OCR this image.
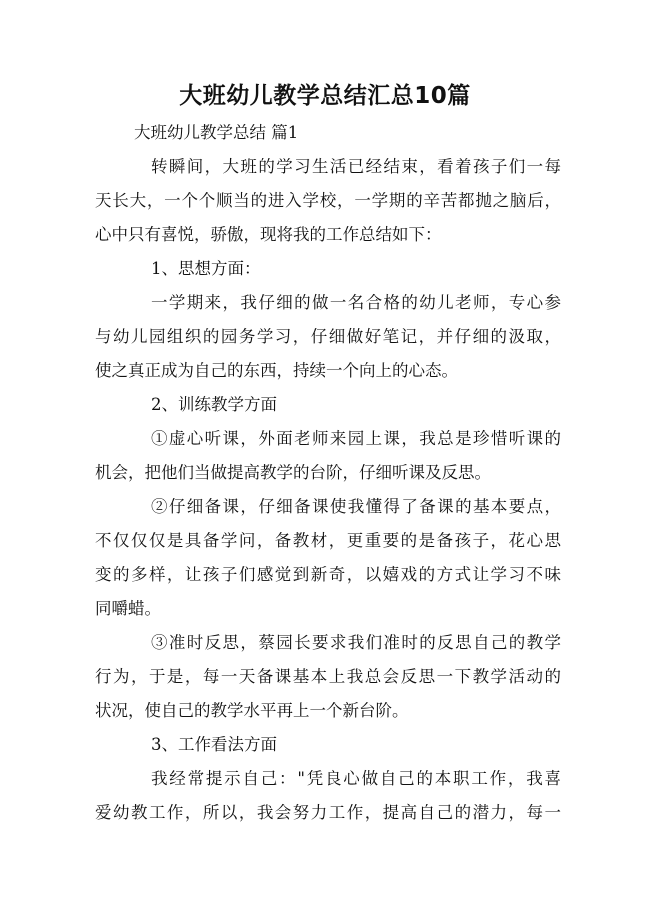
大班幼儿教学总结汇总10篇
大班幼儿教学总结 篇1
转瞬间，大班的学习生活已经结束，看着孩子们一每
天长大，一个个顺当的进入学校，一学期的辛苦都抛之脑后，
心中只有喜悦，骄傲，现将我的工作总结如下：
1、思想方面：
一学期来，我仔细的做一名合格的幼儿老师，专心参
与幼儿园组织的园务学习，仔细做好笔记，并仔细的汲取，
使之真正成为自己的东西，持续一个向上的心态。
2、训练教学方面
①虚心听课，外面老师来园上课，我总是珍惜听课的
机会，把他们当做提高教学的台阶，仔细听课及反思。
②仔细备课，仔细备课使我懂得了备课的基本要点，
不仅仅仅是具备学问，备教材，更重要的是备孩子，花心思
变的多样，让孩子们感觉到新奇，以嬉戏的方式让学习不味
同嚼蜡。
③准时反思，蔡园长要求我们准时的反思自己的教学
行为，于是，每一天备课基本上我总会反思一下教学活动的
状况，使自己的教学水平再上一个新台阶。
3、工作看法方面
我经常提示自己："凭良心做自己的本职工作，我喜
爱幼教工作，所以，我会努力工作，提高自己的潜力，每一
